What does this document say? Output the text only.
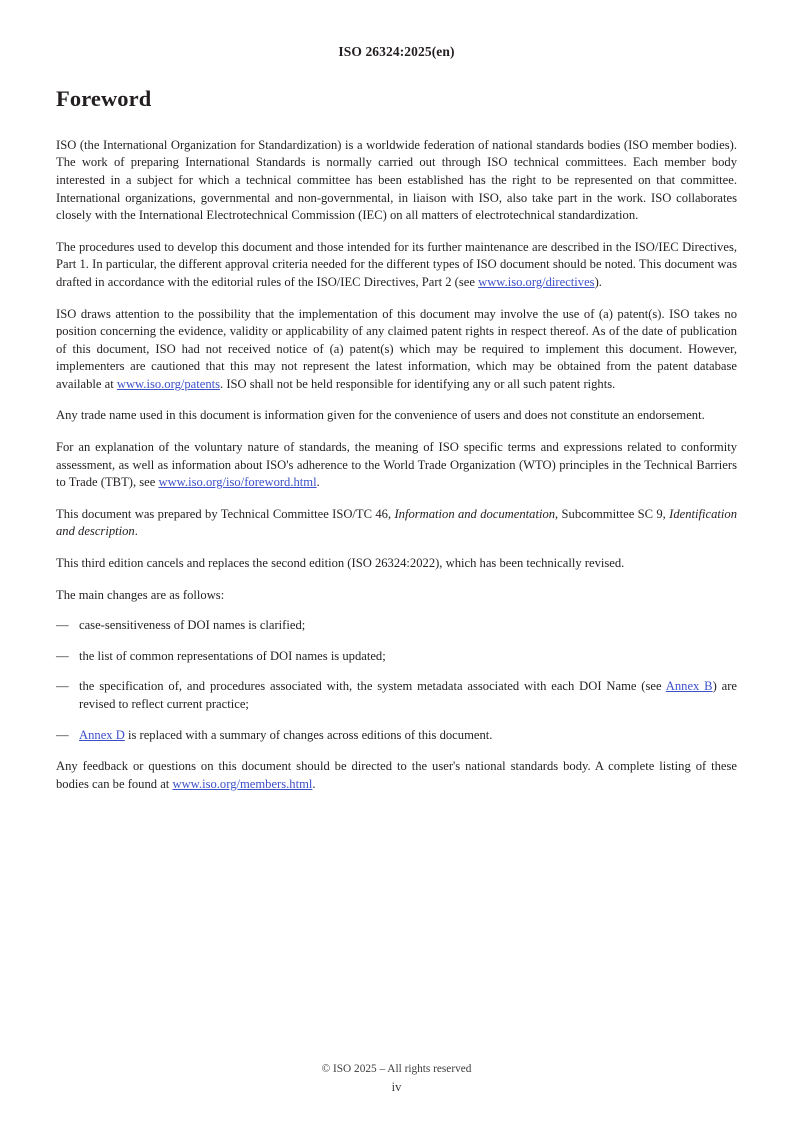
ISO 26324:2025(en)
Foreword

ISO (the International Organization for Standardization) is a worldwide federation of national standards bodies (ISO member bodies). The work of preparing International Standards is normally carried out through ISO technical committees. Each member body interested in a subject for which a technical committee has been established has the right to be represented on that committee. International organizations, governmental and non-governmental, in liaison with ISO, also take part in the work. ISO collaborates closely with the International Electrotechnical Commission (IEC) on all matters of electrotechnical standardization.

The procedures used to develop this document and those intended for its further maintenance are described in the ISO/IEC Directives, Part 1. In particular, the different approval criteria needed for the different types of ISO document should be noted. This document was drafted in accordance with the editorial rules of the ISO/IEC Directives, Part 2 (see www.iso.org/directives).

ISO draws attention to the possibility that the implementation of this document may involve the use of (a) patent(s). ISO takes no position concerning the evidence, validity or applicability of any claimed patent rights in respect thereof. As of the date of publication of this document, ISO had not received notice of (a) patent(s) which may be required to implement this document. However, implementers are cautioned that this may not represent the latest information, which may be obtained from the patent database available at www.iso.org/patents. ISO shall not be held responsible for identifying any or all such patent rights.

Any trade name used in this document is information given for the convenience of users and does not constitute an endorsement.

For an explanation of the voluntary nature of standards, the meaning of ISO specific terms and expressions related to conformity assessment, as well as information about ISO's adherence to the World Trade Organization (WTO) principles in the Technical Barriers to Trade (TBT), see www.iso.org/iso/foreword.html.

This document was prepared by Technical Committee ISO/TC 46, Information and documentation, Subcommittee SC 9, Identification and description.

This third edition cancels and replaces the second edition (ISO 26324:2022), which has been technically revised.

The main changes are as follows:

— case-sensitiveness of DOI names is clarified;
— the list of common representations of DOI names is updated;
— the specification of, and procedures associated with, the system metadata associated with each DOI Name (see Annex B) are revised to reflect current practice;
— Annex D is replaced with a summary of changes across editions of this document.

Any feedback or questions on this document should be directed to the user's national standards body. A complete listing of these bodies can be found at www.iso.org/members.html.

© ISO 2025 – All rights reserved
iv
